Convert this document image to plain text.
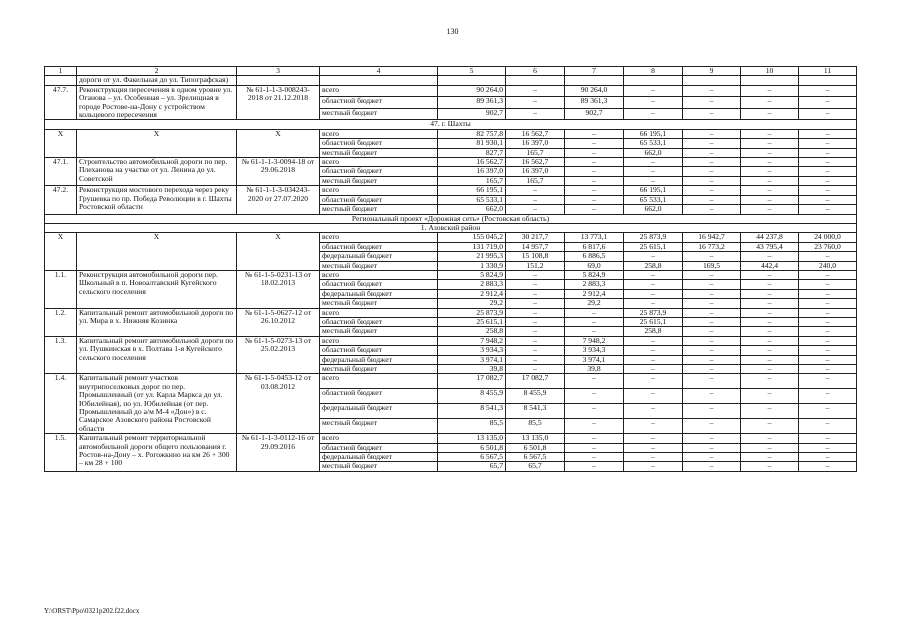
130
1	2	3	4	5	6	7	8	9	10	11
	дороги от ул. Факельная до ул. Типографская)									
47.7.	Реконструкция пересечения в одном уровне ул. Оганова – ул. Особенная – ул. Зрелищная в городе Ростове-на-Дону с устройством кольцевого пересечения	№ 61-1-1-3-008243-2018 от 21.12.2018	всего	90 264,0	–	90 264,0	–	–	–	–
			областной бюджет	89 361,3	–	89 361,3	–	–	–	–
			местный бюджет	902,7	–	902,7	–	–	–	–
47. г. Шахты										
Х	Х	Х	всего	82 757,8	16 562,7	–	66 195,1	–	–	–
			областной бюджет	81 930,1	16 397,0	–	65 533,1	–	–	–
			местный бюджет	827,7	165,7	–	662,0	–	–	–
47.1.	Строительство автомобильной дороги по пер. Плеханова на участке от ул. Ленина до ул. Советской	№ 61-1-1-3-0094-18 от 29.06.2018	всего	16 562,7	16 562,7	–	–	–	–	–
			областной бюджет	16 397,0	16 397,0	–	–	–	–	–
			местный бюджет	165,7	165,7	–	–	–	–	–
47.2.	Реконструкция мостового перехода через реку Грушевка по пр. Победа Революции в г. Шахты Ростовской области	№ 61-1-1-3-034243-2020 от 27.07.2020	всего	66 195,1	–	–	66 195,1	–	–	–
			областной бюджет	65 533,1	–	–	65 533,1	–	–	–
			местный бюджет	662,0	–	–	662,0	–	–	–
Региональный проект «Дорожная сеть» (Ростовская область)										
1. Азовский район										
Х	Х	Х	всего	155 045,2	30 217,7	13 773,1	25 873,9	16 942,7	44 237,8	24 000,0
			областной бюджет	131 719,0	14 957,7	6 817,6	25 615,1	16 773,2	43 795,4	23 760,0
			федеральный бюджет	21 995,3	15 108,8	6 886,5	–	–	–	–
			местный бюджет	1 330,9	151,2	69,0	258,8	169,5	442,4	240,0
1.1.	Реконструкция автомобильной дороги пер. Школьный в п. Новоалтавский Кугейского сельского поселения	№ 61-1-5-0231-13 от 18.02.2013	всего	5 824,9	–	5 824,9	–	–	–	–
			областной бюджет	2 883,3	–	2 883,3	–	–	–	–
			федеральный бюджет	2 912,4	–	2 912,4	–	–	–	–
			местный бюджет	29,2	–	29,2	–	–	–	–
1.2.	Капитальный ремонт автомобильной дороги по ул. Мира в х. Нижняя Козинка	№ 61-1-5-0627-12 от 26.10.2012	всего	25 873,9	–	–	25 873,9	–	–	–
			областной бюджет	25 615,1	–	–	25 615,1	–	–	–
			местный бюджет	258,8	–	–	258,8	–	–	–
1.3.	Капитальный ремонт автомобильной дороги по ул. Пушкинская в х. Полтава 1-я Кугейского сельского поселения	№ 61-1-5-0273-13 от 25.02.2013	всего	7 948,2	–	7 948,2	–	–	–	–
			областной бюджет	3 934,3	–	3 934,3	–	–	–	–
			федеральный бюджет	3 974,1	–	3 974,1	–	–	–	–
			местный бюджет	39,8	–	39,8	–	–	–	–
1.4.	Капитальный ремонт участков внутрипоселковых дорог по пер. Промышленный (от ул. Карла Маркса до ул. Юбилейная), по ул. Юбилейная (от пер. Промышленный до а/м М-4 «Дон») в с. Самарское Азовского района Ростовской области	№ 61-1-5-0453-12 от 03.08.2012	всего	17 082,7	17 082,7	–	–	–	–	–
			областной бюджет	8 455,9	8 455,9	–	–	–	–	–
			федеральный бюджет	8 541,3	8 541,3	–	–	–	–	–
			местный бюджет	85,5	85,5	–	–	–	–	–
1.5.	Капитальный ремонт территориальной автомобильной дороги общего пользования г. Ростов-на-Дону – х. Рогожкино на км 26 + 300 – км 28 + 100	№ 61-1-1-3-0112-16 от 29.09.2016	всего	13 135,0	13 135,0	–	–	–	–	–
			областной бюджет	6 501,8	6 501,8	–	–	–	–	–
			федеральный бюджет	6 567,5	6 567,5	–	–	–	–	–
			местный бюджет	65,7	65,7	–	–	–	–	–
Y:\ORST\Ppo\0321p202.f22.docx
